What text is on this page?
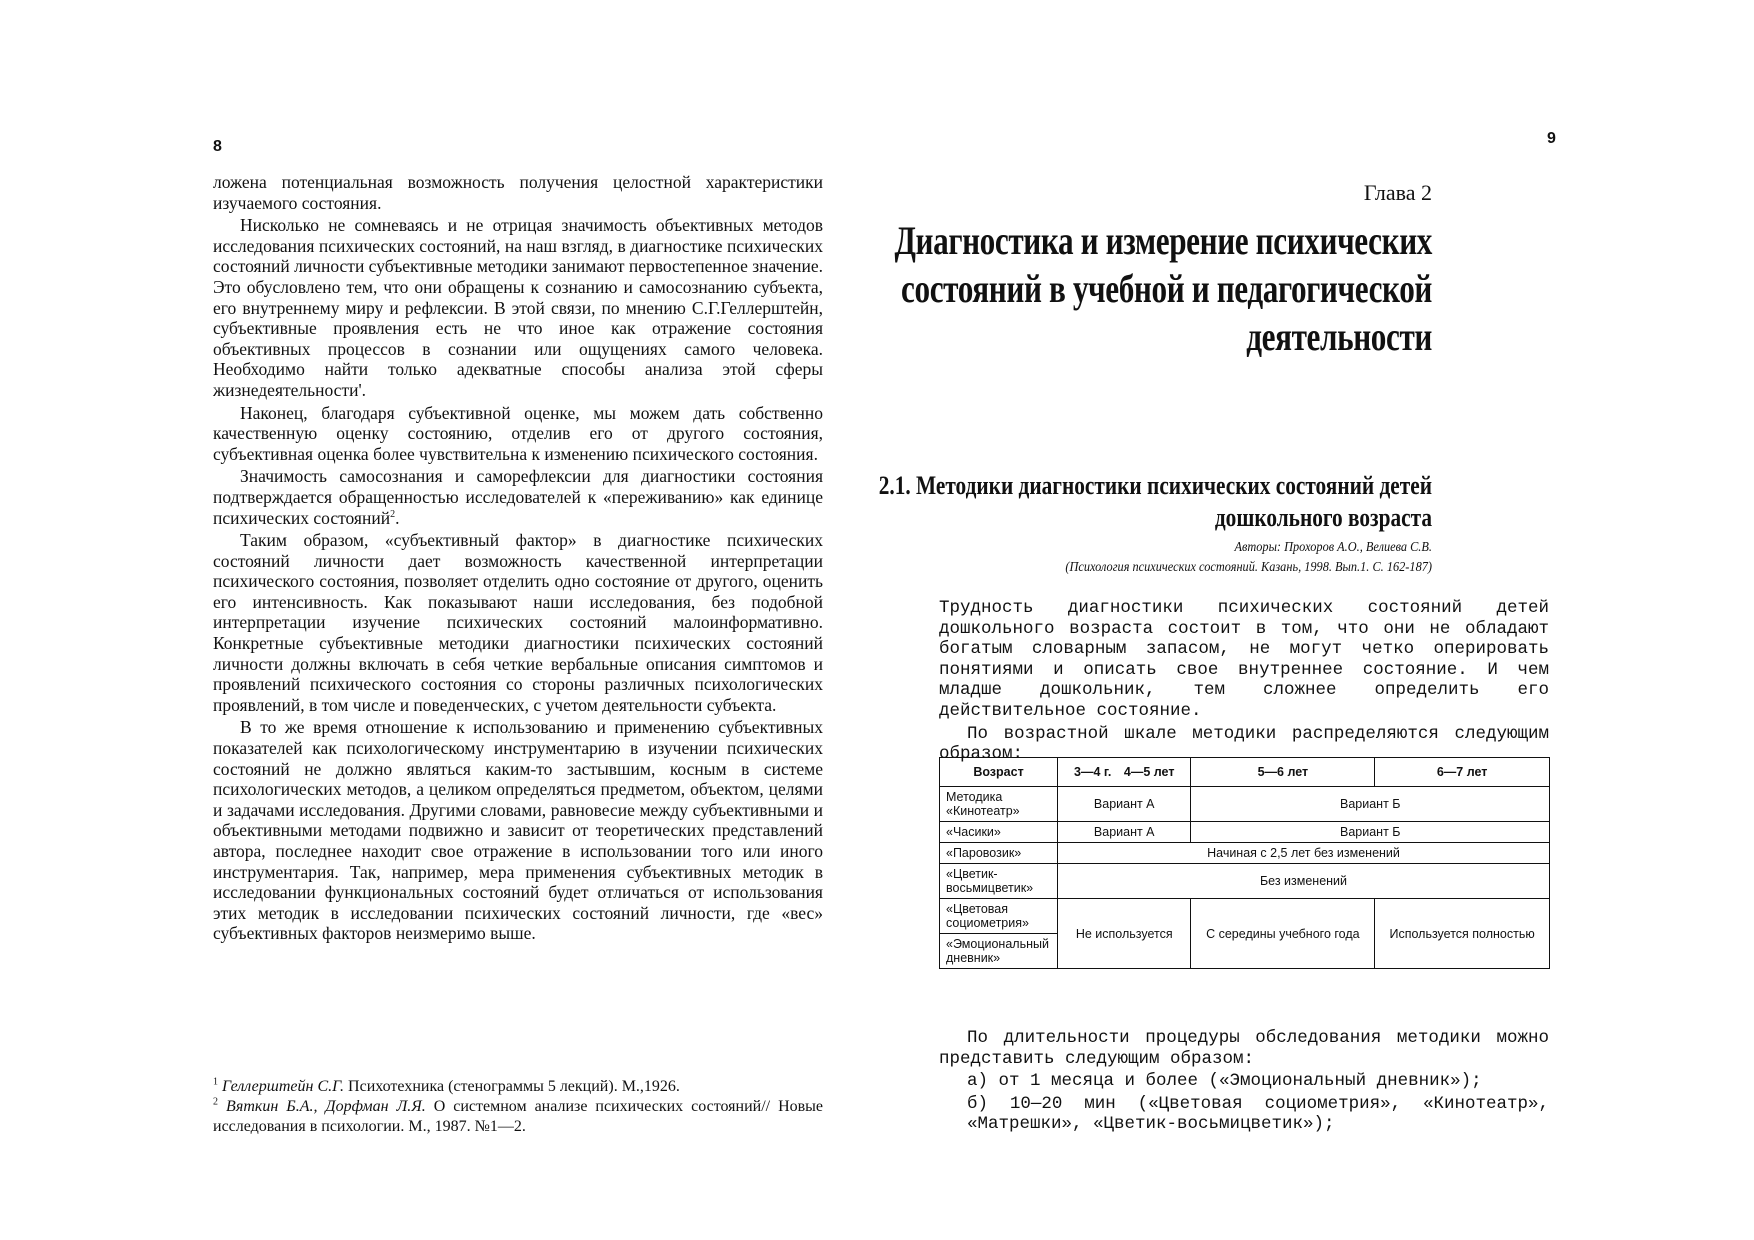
8

ложена потенциальная возможность получения целостной характеристики изучаемого состояния.

Нисколько не сомневаясь и не отрицая значимость объективных методов исследования психических состояний, на наш взгляд, в диагностике психических состояний личности субъективные методики занимают первостепенное значение. Это обусловлено тем, что они обращены к сознанию и самосознанию субъекта, его внутреннему миру и рефлексии. В этой связи, по мнению С.Г.Геллерштейн, субъективные проявления есть не что иное как отражение состояния объективных процессов в сознании или ощущениях самого человека. Необходимо найти только адекватные способы анализа этой сферы жизнедеятельности'.

Наконец, благодаря субъективной оценке, мы можем дать собственно качественную оценку состоянию, отделив его от другого состояния, субъективная оценка более чувствительна к изменению психического состояния.

Значимость самосознания и саморефлексии для диагностики состояния подтверждается обращенностью исследователей к «переживанию» как единице психических состояний$^2$.

Таким образом, «субъективный фактор» в диагностике психических состояний личности дает возможность качественной интерпретации психического состояния, позволяет отделить одно состояние от другого, оценить его интенсивность. Как показывают наши исследования, без подобной интерпретации изучение психических состояний малоинформативно. Конкретные субъективные методики диагностики психических состояний личности должны включать в себя четкие вербальные описания симптомов и проявлений психического состояния со стороны различных психологических проявлений, в том числе и поведенческих, с учетом деятельности субъекта.

В то же время отношение к использованию и применению субъективных показателей как психологическому инструментарию в изучении психических состояний не должно являться каким-то застывшим, косным в системе психологических методов, а целиком определяться предметом, объектом, целями и задачами исследования. Другими словами, равновесие между субъективными и объективными методами подвижно и зависит от теоретических представлений автора, последнее находит свое отражение в использовании того или иного инструментария. Так, например, мера применения субъективных методик в исследовании функциональных состояний будет отличаться от использования этих методик в исследовании психических состояний личности, где «вес» субъективных факторов неизмеримо выше.

$^1$ Геллерштейн С.Г. Психотехника (стенограммы 5 лекций). М.,1926.

$^2$ Вяткин Б.А., Дорфман Л.Я. О системном анализе психических состояний// Новые исследования в психологии. М., 1987. №1—2.

9
Глава 2
Диагностика и измерение психических
состояний в учебной и педагогической
деятельности
2.1. Методики диагностики психических состояний детей
дошкольного возраста
Авторы: Прохоров А.О., Велиева С.В.
(Психология психических состояний. Казань, 1998. Вып.1. С. 162-187)

Трудность диагностики психических состояний детей дошкольного возраста состоит в том, что они не обладают богатым словарным запасом, не могут четко оперировать понятиями и описать свое внутреннее состояние. И чем младше дошкольник, тем сложнее определить его действительное состояние.

По возрастной шкале методики распределяются следующим образом:

Возраст	3—4 г. 4—5 лет	5—6 лет	6—7 лет
Методика «Кинотеатр»	Вариант А	Вариант Б	
«Часики»	Вариант А	Вариант Б	
«Паровозик»	Начиная с 2,5 лет без изменений		
«Цветик-восьмицветик»	Без изменений		
«Цветовая социометрия»	Не используется	С середины учебного года	Используется полностью
«Эмоциональный дневник»			

По длительности процедуры обследования методики можно представить следующим образом:

а) от 1 месяца и более («Эмоциональный дневник»);

б) 10—20 мин («Цветовая социометрия», «Кинотеатр», «Матрешки», «Цветик-восьмицветик»);
